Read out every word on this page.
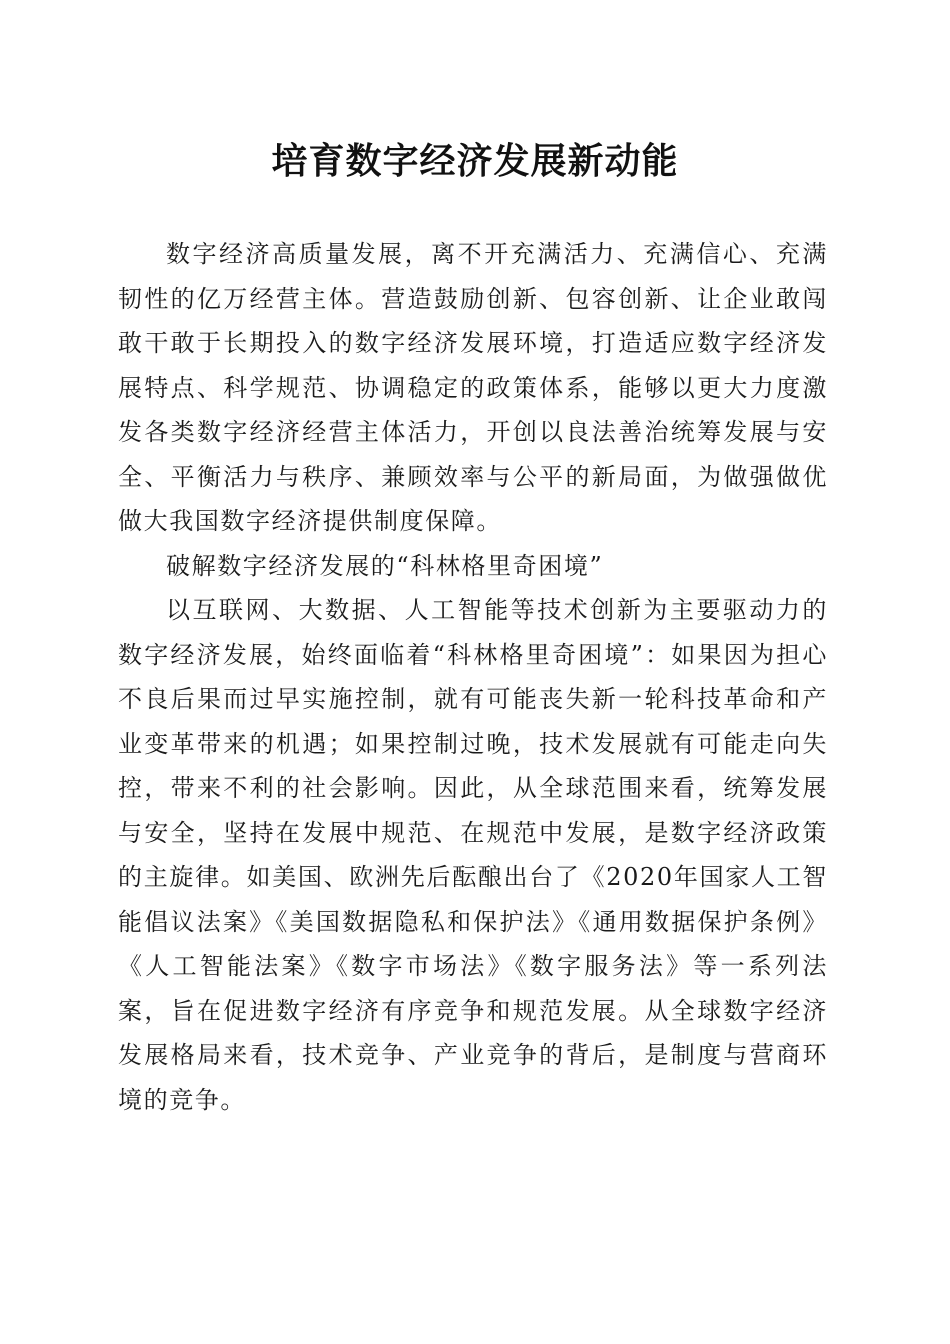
培育数字经济发展新动能

数字经济高质量发展，离不开充满活力、充满信心、充满韧性的亿万经营主体。营造鼓励创新、包容创新、让企业敢闯敢干敢于长期投入的数字经济发展环境，打造适应数字经济发展特点、科学规范、协调稳定的政策体系，能够以更大力度激发各类数字经济经营主体活力，开创以良法善治统筹发展与安全、平衡活力与秩序、兼顾效率与公平的新局面，为做强做优做大我国数字经济提供制度保障。

破解数字经济发展的“科林格里奇困境”

以互联网、大数据、人工智能等技术创新为主要驱动力的数字经济发展，始终面临着“科林格里奇困境”：如果因为担心不良后果而过早实施控制，就有可能丧失新一轮科技革命和产业变革带来的机遇；如果控制过晚，技术发展就有可能走向失控，带来不利的社会影响。因此，从全球范围来看，统筹发展与安全，坚持在发展中规范、在规范中发展，是数字经济政策的主旋律。如美国、欧洲先后酝酿出台了《2020年国家人工智能倡议法案》《美国数据隐私和保护法》《通用数据保护条例》《人工智能法案》《数字市场法》《数字服务法》等一系列法案，旨在促进数字经济有序竞争和规范发展。从全球数字经济发展格局来看，技术竞争、产业竞争的背后，是制度与营商环境的竞争。
